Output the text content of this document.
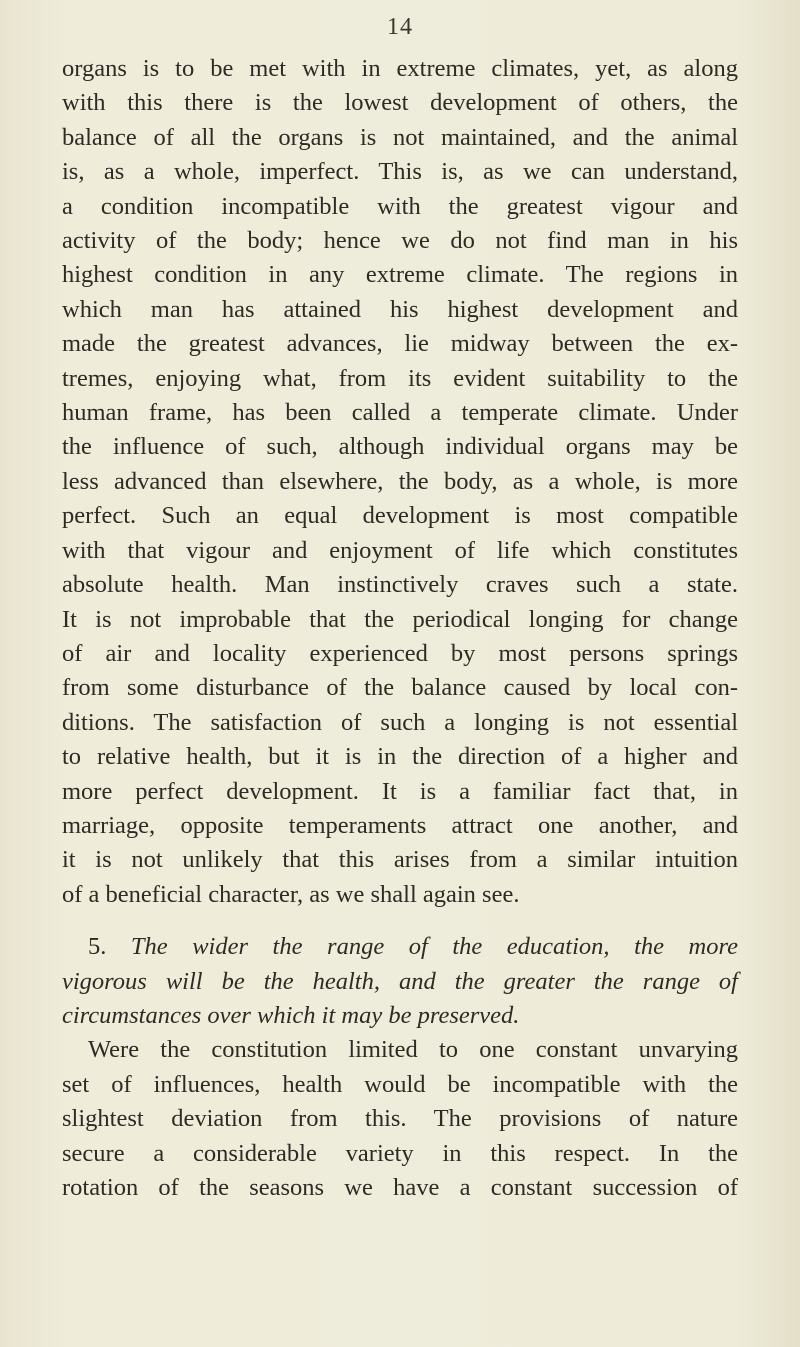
14
organs is to be met with in extreme climates, yet, as along
with this there is the lowest development of others, the
balance of all the organs is not maintained, and the animal
is, as a whole, imperfect. This is, as we can understand,
a condition incompatible with the greatest vigour and
activity of the body; hence we do not find man in his
highest condition in any extreme climate. The regions in
which man has attained his highest development and
made the greatest advances, lie midway between the ex-
tremes, enjoying what, from its evident suitability to the
human frame, has been called a temperate climate. Under
the influence of such, although individual organs may be
less advanced than elsewhere, the body, as a whole, is more
perfect. Such an equal development is most compatible
with that vigour and enjoyment of life which constitutes
absolute health. Man instinctively craves such a state.
It is not improbable that the periodical longing for change
of air and locality experienced by most persons springs
from some disturbance of the balance caused by local con-
ditions. The satisfaction of such a longing is not essential
to relative health, but it is in the direction of a higher and
more perfect development. It is a familiar fact that, in
marriage, opposite temperaments attract one another, and
it is not unlikely that this arises from a similar intuition
of a beneficial character, as we shall again see.
5. The wider the range of the education, the more
vigorous will be the health, and the greater the range of
circumstances over which it may be preserved.
Were the constitution limited to one constant unvarying
set of influences, health would be incompatible with the
slightest deviation from this. The provisions of nature
secure a considerable variety in this respect. In the
rotation of the seasons we have a constant succession of
